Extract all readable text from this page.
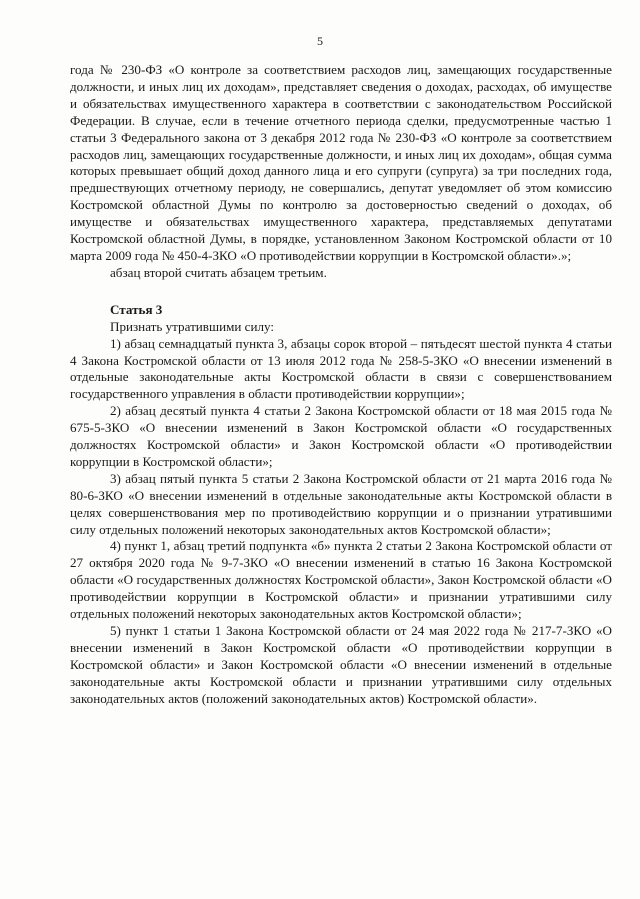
5

года № 230-ФЗ «О контроле за соответствием расходов лиц, замещающих государственные должности, и иных лиц их доходам», представляет сведения о доходах, расходах, об имуществе и обязательствах имущественного характера в соответствии с законодательством Российской Федерации. В случае, если в течение отчетного периода сделки, предусмотренные частью 1 статьи 3 Федерального закона от 3 декабря 2012 года № 230-ФЗ «О контроле за соответствием расходов лиц, замещающих государственные должности, и иных лиц их доходам», общая сумма которых превышает общий доход данного лица и его супруги (супруга) за три последних года, предшествующих отчетному периоду, не совершались, депутат уведомляет об этом комиссию Костромской областной Думы по контролю за достоверностью сведений о доходах, об имуществе и обязательствах имущественного характера, представляемых депутатами Костромской областной Думы, в порядке, установленном Законом Костромской области от 10 марта 2009 года № 450-4-ЗКО «О противодействии коррупции в Костромской области».»;

абзац второй считать абзацем третьим.

Статья 3

Признать утратившими силу:

1) абзац семнадцатый пункта 3, абзацы сорок второй – пятьдесят шестой пункта 4 статьи 4 Закона Костромской области от 13 июля 2012 года № 258-5-ЗКО «О внесении изменений в отдельные законодательные акты Костромской области в связи с совершенствованием государственного управления в области противодействии коррупции»;

2) абзац десятый пункта 4 статьи 2 Закона Костромской области от 18 мая 2015 года № 675-5-ЗКО «О внесении изменений в Закон Костромской области «О государственных должностях Костромской области» и Закон Костромской области «О противодействии коррупции в Костромской области»;

3) абзац пятый пункта 5 статьи 2 Закона Костромской области от 21 марта 2016 года № 80-6-ЗКО «О внесении изменений в отдельные законодательные акты Костромской области в целях совершенствования мер по противодействию коррупции и о признании утратившими силу отдельных положений некоторых законодательных актов Костромской области»;

4) пункт 1, абзац третий подпункта «б» пункта 2 статьи 2 Закона Костромской области от 27 октября 2020 года № 9-7-ЗКО «О внесении изменений в статью 16 Закона Костромской области «О государственных должностях Костромской области», Закон Костромской области «О противодействии коррупции в Костромской области» и признании утратившими силу отдельных положений некоторых законодательных актов Костромской области»;

5) пункт 1 статьи 1 Закона Костромской области от 24 мая 2022 года № 217-7-ЗКО «О внесении изменений в Закон Костромской области «О противодействии коррупции в Костромской области» и Закон Костромской области «О внесении изменений в отдельные законодательные акты Костромской области и признании утратившими силу отдельных законодательных актов (положений законодательных актов) Костромской области».
